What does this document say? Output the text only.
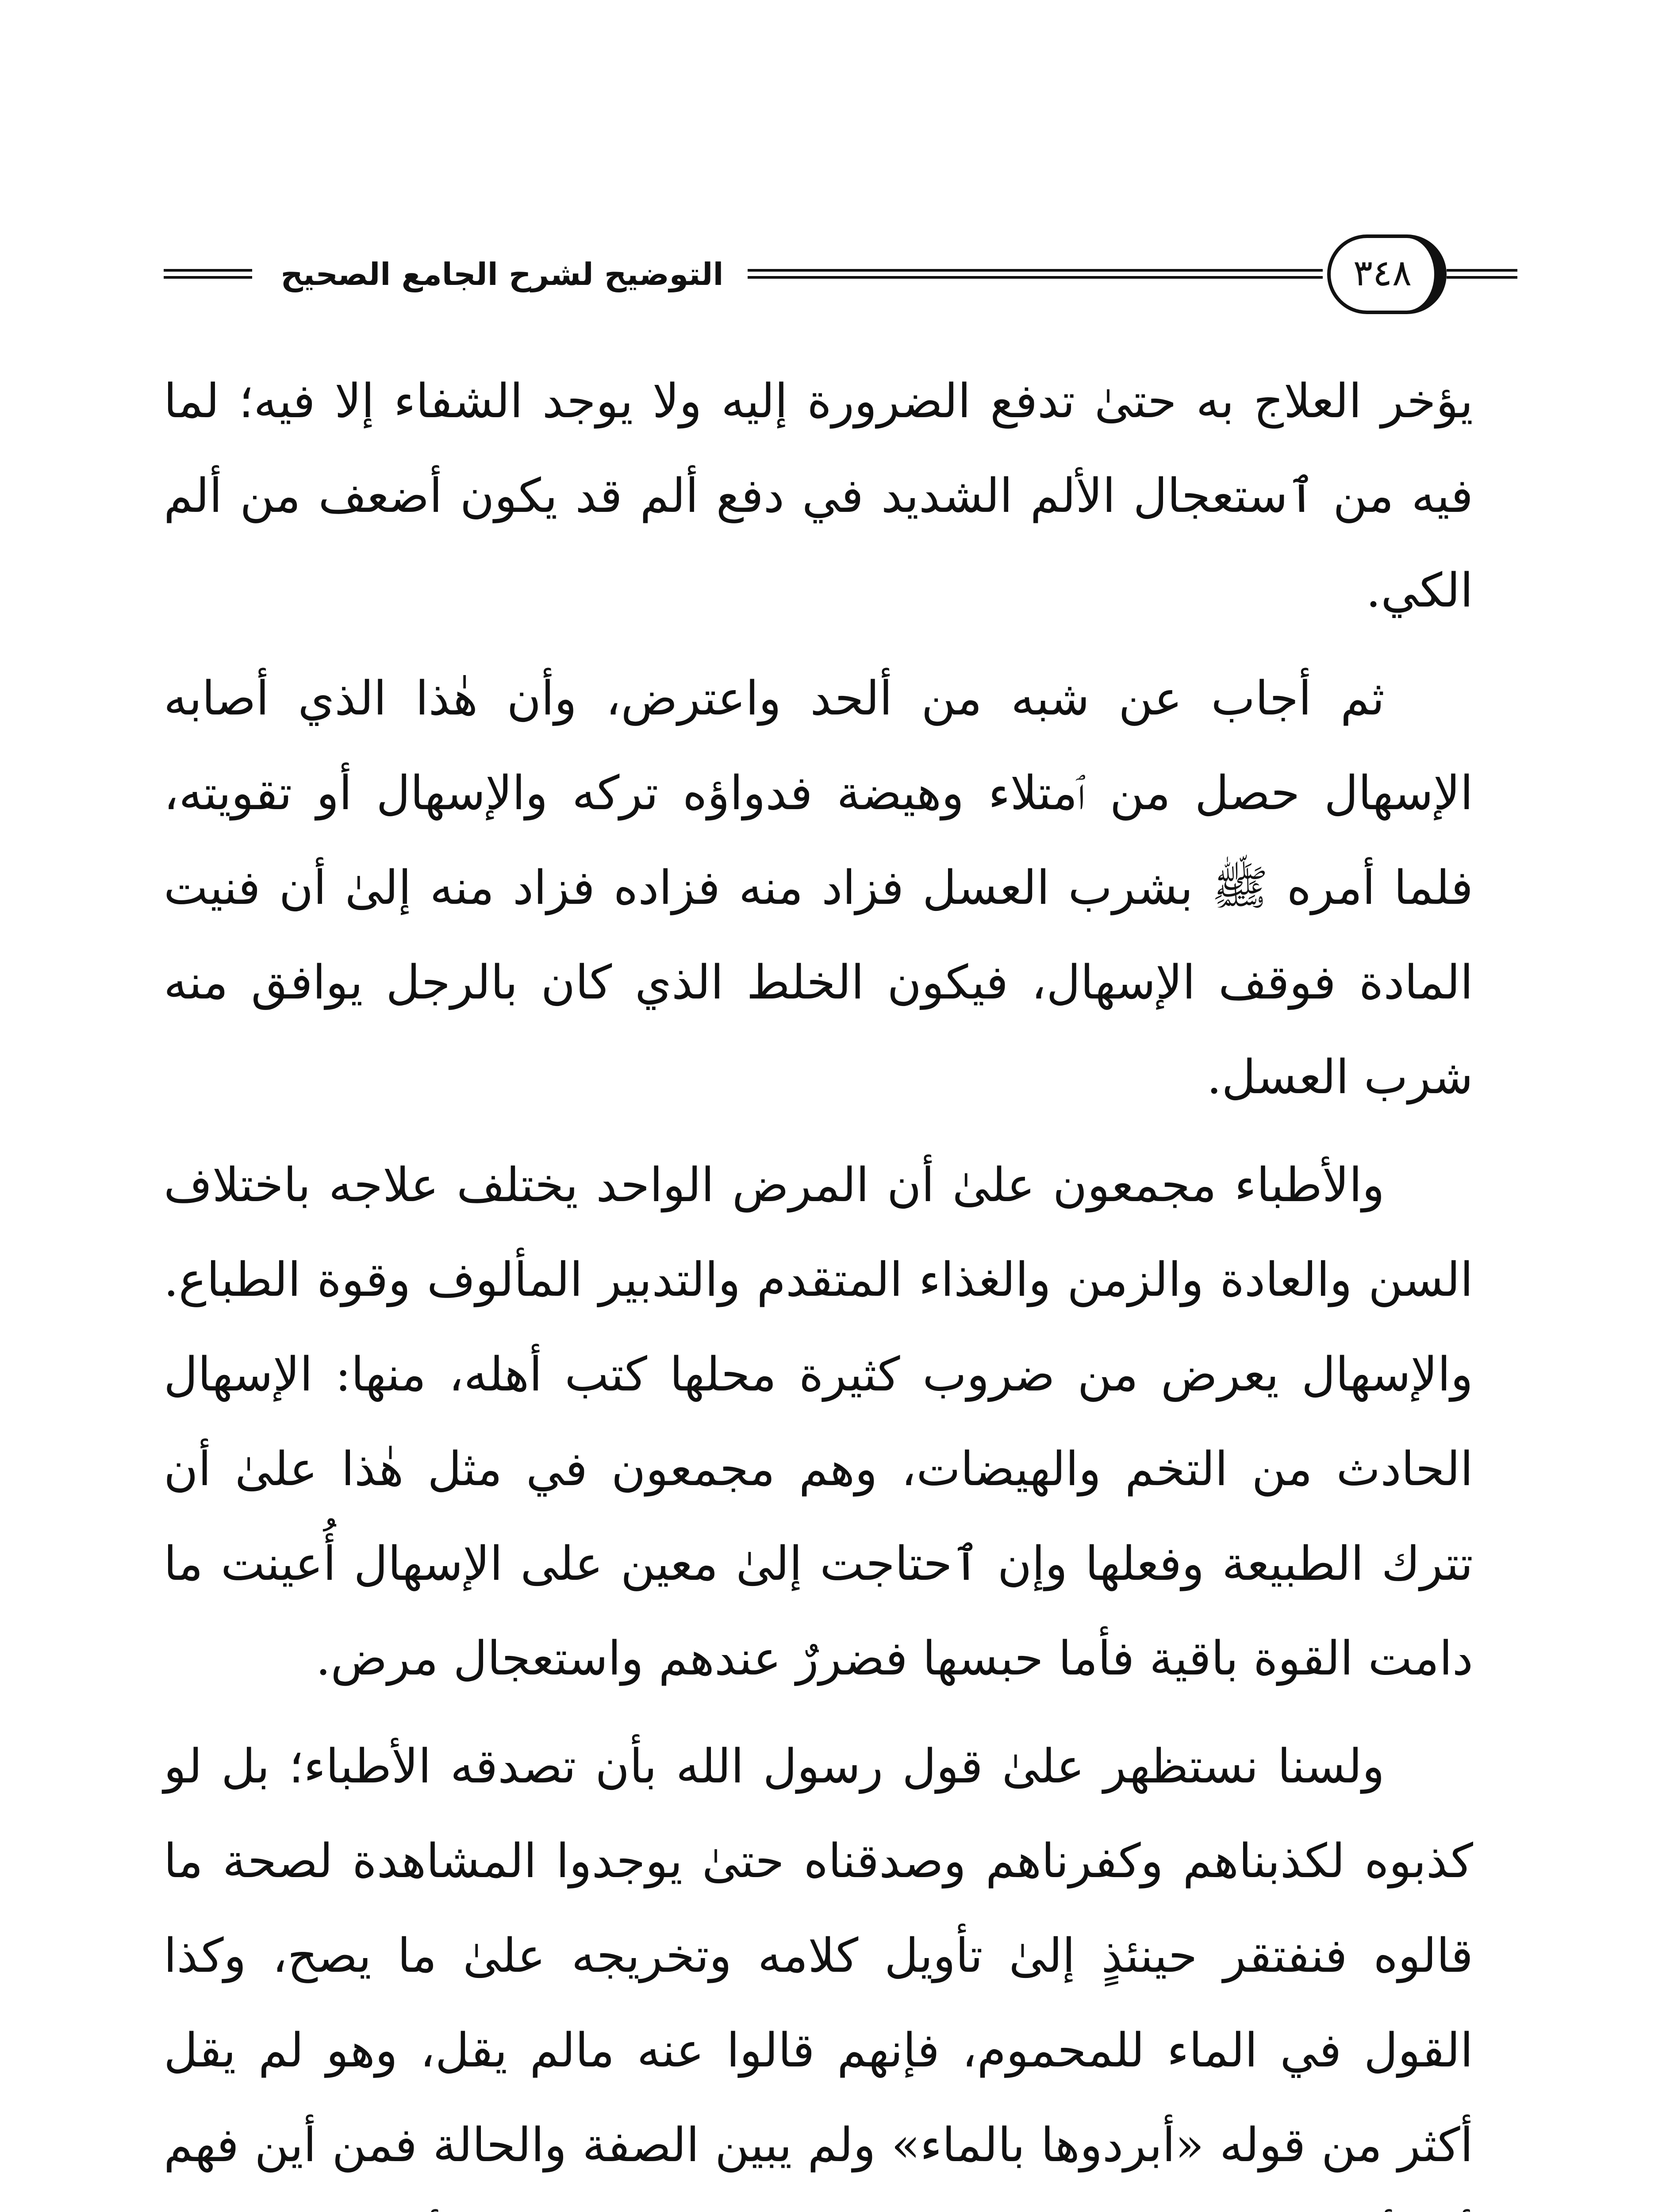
التوضيح لشرح الجامع الصحيح	٣٤٨

يؤخر العلاج به حتىٰ تدفع الضرورة إليه ولا يوجد الشفاء إلا فيه؛ لما فيه من ٱستعجال الألم الشديد في دفع ألم قد يكون أضعف من ألم الكي.

ثم أجاب عن شبه من ألحد واعترض، وأن هٰذا الذي أصابه الإسهال حصل من ٱمتلاء وهيضة فدواؤه تركه والإسهال أو تقويته، فلما أمره ﷺ بشرب العسل فزاد منه فزاده فزاد منه إلىٰ أن فنيت المادة فوقف الإسهال، فيكون الخلط الذي كان بالرجل يوافق منه شرب العسل.

والأطباء مجمعون علىٰ أن المرض الواحد يختلف علاجه باختلاف السن والعادة والزمن والغذاء المتقدم والتدبير المألوف وقوة الطباع. والإسهال يعرض من ضروب كثيرة محلها كتب أهله، منها: الإسهال الحادث من التخم والهيضات، وهم مجمعون في مثل هٰذا علىٰ أن تترك الطبيعة وفعلها وإن ٱحتاجت إلىٰ معين على الإسهال أُعينت ما دامت القوة باقية فأما حبسها فضررٌ عندهم واستعجال مرض.

ولسنا نستظهر علىٰ قول رسول الله بأن تصدقه الأطباء؛ بل لو كذبوه لكذبناهم وكفرناهم وصدقناه حتىٰ يوجدوا المشاهدة لصحة ما قالوه فنفتقر حينئذٍ إلىٰ تأويل كلامه وتخريجه علىٰ ما يصح، وكذا القول في الماء للمحموم، فإنهم قالوا عنه مالم يقل، وهو لم يقل أكثر من قوله «أبردوها بالماء» ولم يبين الصفة والحالة فمن أين فهم
